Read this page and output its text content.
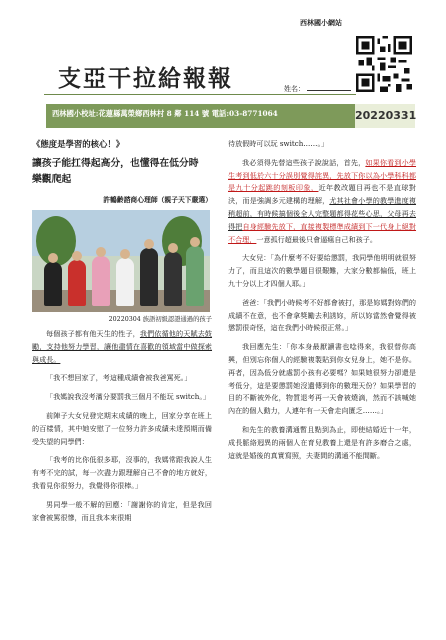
西林國小網站
支亞干拉給報報	姓名：
西林國小校址:花蓮縣萬榮鄉西林村 8 鄰 114 號 電話:03-8771064	20220331
《態度是學習的核心！》
讓孩子能扛得起高分，也懂得在低分時
樂觀爬起
許鶴齡諮商心理師（親子天下嚴選）
20220304 族語初級認證通過的孩子

每個孩子都有他天生的性子，我們依循他的天賦去鼓勵，支持他努力學習，讓他盡情在喜歡的領域當中做探索與成長。

「我不想回家了，考這種成績會被我爸罵死。」

「我媽說我沒考滿分要罰我三個月不能玩 switch。」

前陣子大女兒發完期末成績的晚上，回家分享在班上的百樣情，其中她安慰了一位努力許多成績未達預期而備受失望的同學們：

「我考的比你低很多耶，沒事的，我媽常跟我說人生有考不完的試，每一次盡力跟理解自己不會的地方就好，我看見你很努力，我覺得你很棒。」

男同學一般不解的回應：「謝謝你的肯定，但是我回家會被罵很慘，而且我本來很期

待放假時可以玩 switch……。」

我必須得先替這些孩子說說話，首先，如果你看到小學生考到低於六十分誤別覺得詫異，先放下你以為小學科科都是九十分起跳的刻板印象，近年教改題目再也不是直球對決，而是強調多元建構的理解，尤其社會小學的教學進度複稍超前，有時候搞個後全人完整題都得花些心思，父母再去得把自身經驗先放下，直接複製標準成績到下一代身上絕對不合理，一意孤行超最後只會逼瘋自己和孩子。

大女兒：「為什麼考不好要給懲罰，我同學他明明就很努力了，而且這次的數學題目很艱難，大家分數都偏低，班上九十分以上才四個人耶。」

爸爸：「我們小時候考不好都會被打，那是妳媽對妳們的成績不在意，也不會拿獎勵去利誘妳，所以妳當然會覺得被懲罰很奇怪，這在我們小時候很正常。」

我回應先生：「你本身最厭讀書也唸得來，我很替你高興，但別忘你個人的經驗複製貼到你女兒身上，她不是你。再者，因為低分就處罰小孩有必要嗎？如果她很努力卻還是考低分，這是要懲罰她沒遺傳到你的數理天份？如果學習的目的不斷被外化，物質退考再一天會被燒滴，然而不該喊她內在的個人動力，人連年有一天會走向匱乏……。」

和先生的教養溝通暫且點到為止，即使結婚近十一年，成長脈絡迥異的兩個人在育兒教養上還是有許多磨合之處，這就是婚後的真實寫照，夫妻間的溝通不能間斷。
